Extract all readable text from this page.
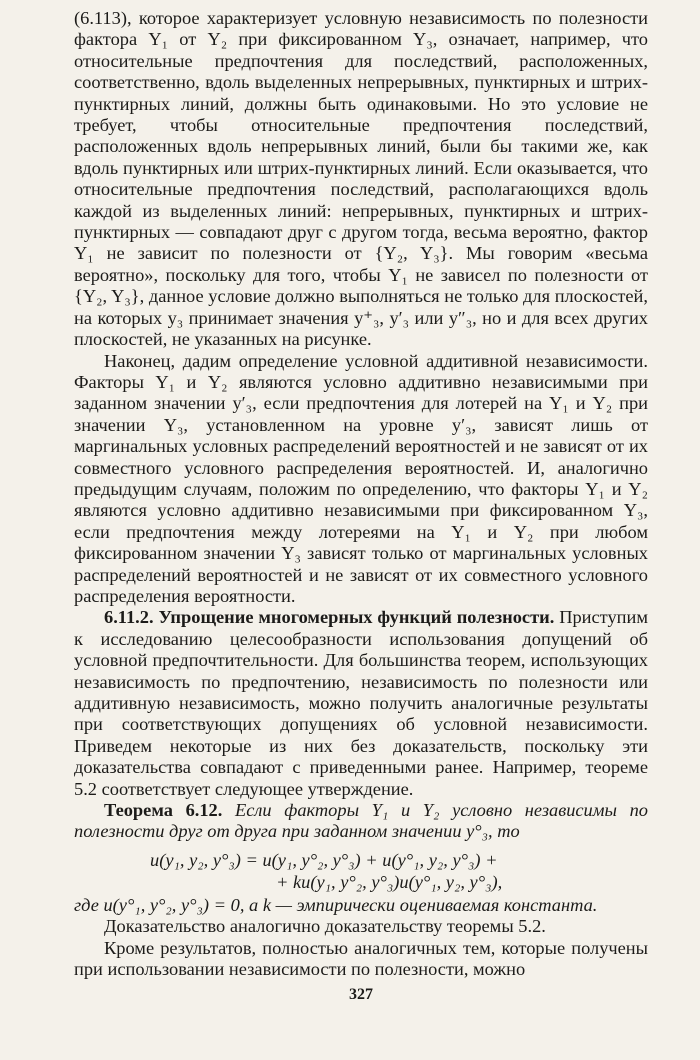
(6.113), которое характеризует условную независимость по полезности фактора Y₁ от Y₂ при фиксированном Y₃, означает, например, что относительные предпочтения для последствий, расположенных, соответственно, вдоль выделенных непрерывных, пунктирных и штрих-пунктирных линий, должны быть одинаковыми. Но это условие не требует, чтобы относительные предпочтения последствий, расположенных вдоль непрерывных линий, были бы такими же, как вдоль пунктирных или штрих-пунктирных линий. Если оказывается, что относительные предпочтения последствий, располагающихся вдоль каждой из выделенных линий: непрерывных, пунктирных и штрих-пунктирных — совпадают друг с другом тогда, весьма вероятно, фактор Y₁ не зависит по полезности от {Y₂, Y₃}. Мы говорим «весьма вероятно», поскольку для того, чтобы Y₁ не зависел по полезности от {Y₂, Y₃}, данное условие должно выполняться не только для плоскостей, на которых y₃ принимает значения y⁺₃, y′₃ или y″₃, но и для всех других плоскостей, не указанных на рисунке.

Наконец, дадим определение условной аддитивной независимости. Факторы Y₁ и Y₂ являются условно аддитивно независимыми при заданном значении y′₃, если предпочтения для лотерей на Y₁ и Y₂ при значении Y₃, установленном на уровне y′₃, зависят лишь от маргинальных условных распределений вероятностей и не зависят от их совместного условного распределения вероятностей. И, аналогично предыдущим случаям, положим по определению, что факторы Y₁ и Y₂ являются условно аддитивно независимыми при фиксированном Y₃, если предпочтения между лотереями на Y₁ и Y₂ при любом фиксированном значении Y₃ зависят только от маргинальных условных распределений вероятностей и не зависят от их совместного условного распределения вероятности.

6.11.2. Упрощение многомерных функций полезности. Приступим к исследованию целесообразности использования допущений об условной предпочтительности. Для большинства теорем, использующих независимость по предпочтению, независимость по полезности или аддитивную независимость, можно получить аналогичные результаты при соответствующих допущениях об условной независимости. Приведем некоторые из них без доказательств, поскольку эти доказательства совпадают с приведенными ранее. Например, теореме 5.2 соответствует следующее утверждение.

Теорема 6.12. Если факторы Y₁ и Y₂ условно независимы по полезности друг от друга при заданном значении y°₃, то

u(y₁, y₂, y°₃) = u(y₁, y°₂, y°₃) + u(y°₁, y₂, y°₃) +
+ ku(y₁, y°₂, y°₃)u(y°₁, y₂, y°₃),

где u(y°₁, y°₂, y°₃) = 0, а k — эмпирически оцениваемая константа.

Доказательство аналогично доказательству теоремы 5.2.

Кроме результатов, полностью аналогичных тем, которые получены при использовании независимости по полезности, можно

327
